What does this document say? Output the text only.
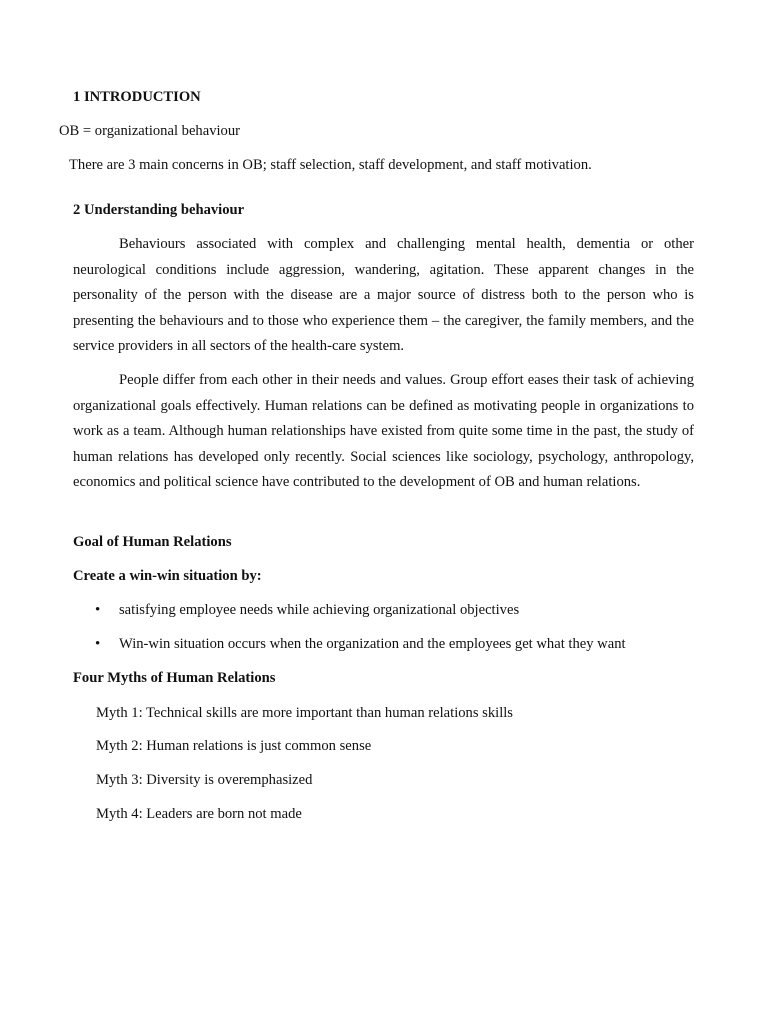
1 INTRODUCTION
OB = organizational behaviour
There are 3 main concerns in OB; staff selection, staff development, and staff motivation.
2 Understanding behaviour
Behaviours associated with complex and challenging mental health, dementia or other neurological conditions include aggression, wandering, agitation. These apparent changes in the personality of the person with the disease are a major source of distress both to the person who is presenting the behaviours and to those who experience them – the caregiver, the family members, and the service providers in all sectors of the health-care system.
People differ from each other in their needs and values. Group effort eases their task of achieving organizational goals effectively. Human relations can be defined as motivating people in organizations to work as a team. Although human relationships have existed from quite some time in the past, the study of human relations has developed only recently. Social sciences like sociology, psychology, anthropology, economics and political science have contributed to the development of OB and human relations.
Goal of Human Relations
Create a win-win situation by:
• satisfying employee needs while achieving organizational objectives
• Win-win situation occurs when the organization and the employees get what they want
Four Myths of Human Relations
Myth 1: Technical skills are more important than human relations skills
Myth 2: Human relations is just common sense
Myth 3: Diversity is overemphasized
Myth 4: Leaders are born not made
